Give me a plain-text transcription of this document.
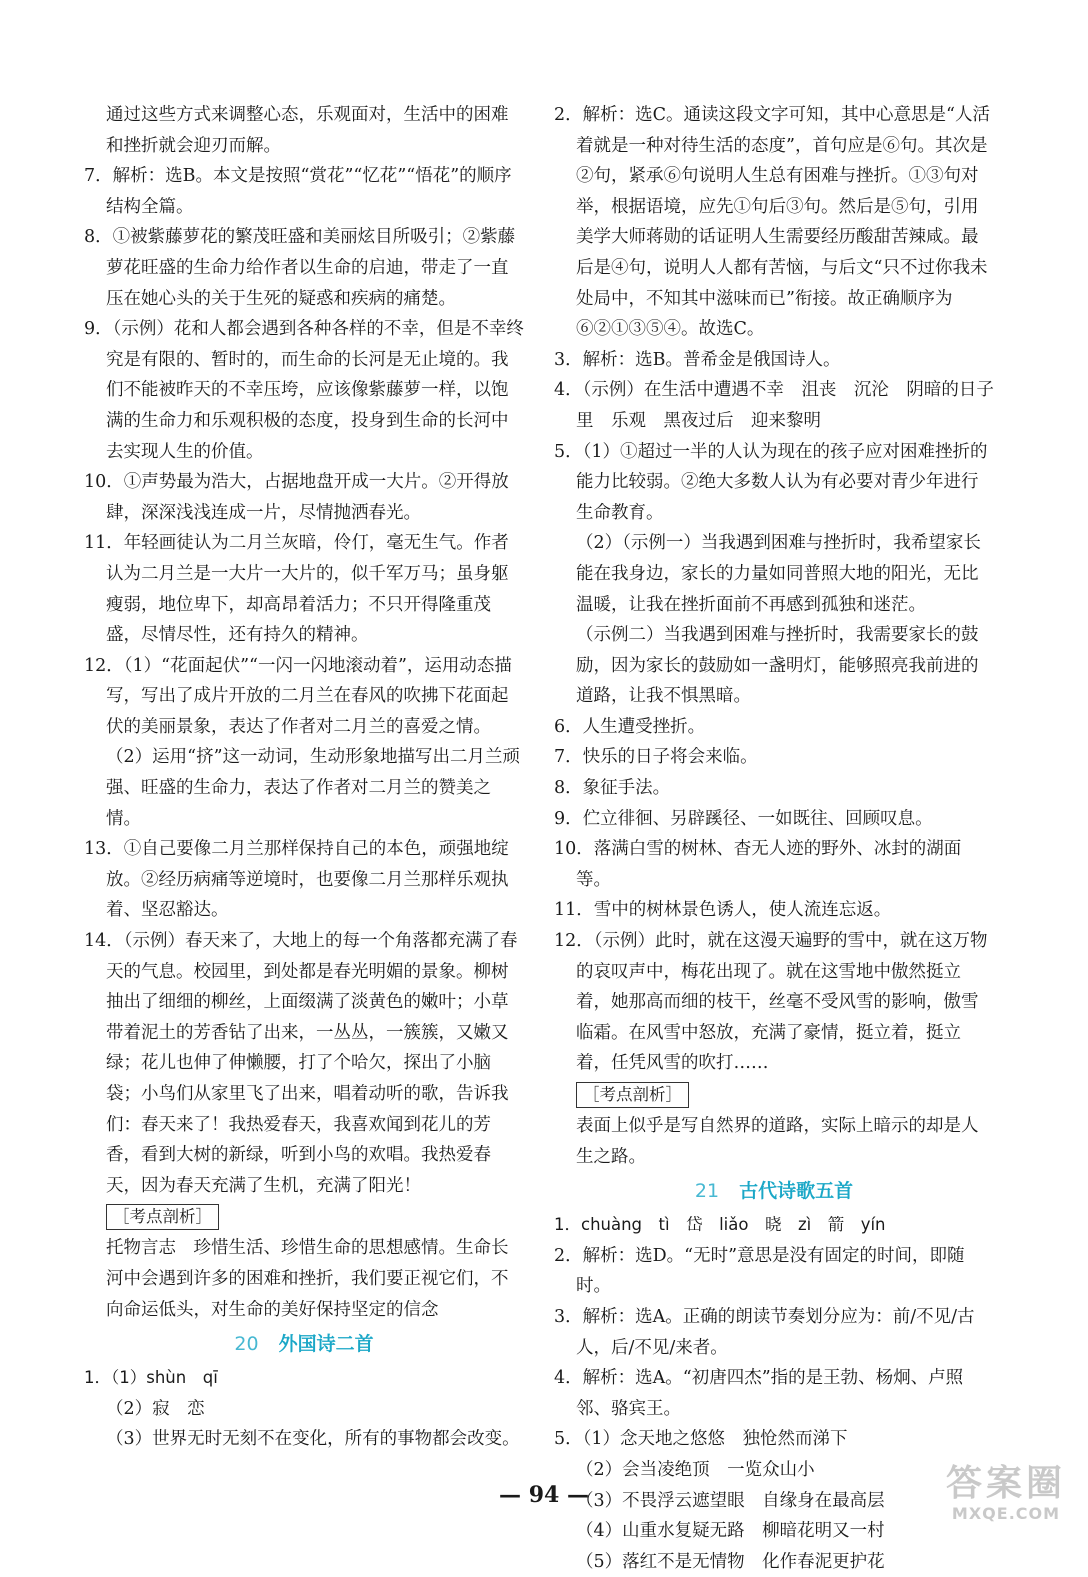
通过这些方式来调整心态，乐观面对，生活中的困难和挫折就会迎刃而解。

7．解析：选B。本文是按照“赏花”“忆花”“悟花”的顺序结构全篇。

8．①被紫藤萝花的繁茂旺盛和美丽炫目所吸引；②紫藤萝花旺盛的生命力给作者以生命的启迪，带走了一直压在她心头的关于生死的疑惑和疾病的痛楚。

9．（示例）花和人都会遇到各种各样的不幸，但是不幸终究是有限的、暂时的，而生命的长河是无止境的。我们不能被昨天的不幸压垮，应该像紫藤萝一样，以饱满的生命力和乐观积极的态度，投身到生命的长河中去实现人生的价值。

10．①声势最为浩大，占据地盘开成一大片。②开得放肆，深深浅浅连成一片，尽情抛洒春光。

11．年轻画徒认为二月兰灰暗，伶仃，毫无生气。作者认为二月兰是一大片一大片的，似千军万马；虽身躯瘦弱，地位卑下，却高昂着活力；不只开得隆重茂盛，尽情尽性，还有持久的精神。

12．（1）“花面起伏”“一闪一闪地滚动着”，运用动态描写，写出了成片开放的二月兰在春风的吹拂下花面起伏的美丽景象，表达了作者对二月兰的喜爱之情。

（2）运用“挤”这一动词，生动形象地描写出二月兰顽强、旺盛的生命力，表达了作者对二月兰的赞美之情。

13．①自己要像二月兰那样保持自己的本色，顽强地绽放。②经历病痛等逆境时，也要像二月兰那样乐观执着、坚忍豁达。

14．（示例）春天来了，大地上的每一个角落都充满了春天的气息。校园里，到处都是春光明媚的景象。柳树抽出了细细的柳丝，上面缀满了淡黄色的嫩叶；小草带着泥土的芳香钻了出来，一丛丛，一簇簇，又嫩又绿；花儿也伸了伸懒腰，打了个哈欠，探出了小脑袋；小鸟们从家里飞了出来，唱着动听的歌，告诉我们：春天来了！我热爱春天，我喜欢闻到花儿的芳香，看到大树的新绿，听到小鸟的欢唱。我热爱春天，因为春天充满了生机，充满了阳光！

［考点剖析］

托物言志　珍惜生活、珍惜生命的思想感情。生命长河中会遇到许多的困难和挫折，我们要正视它们，不向命运低头，对生命的美好保持坚定的信念

20 外国诗二首

1．（1）shùn　qī

（2）寂　恋

（3）世界无时无刻不在变化，所有的事物都会改变。

2．解析：选C。通读这段文字可知，其中心意思是“人活着就是一种对待生活的态度”，首句应是⑥句。其次是②句，紧承⑥句说明人生总有困难与挫折。①③句对举，根据语境，应先①句后③句。然后是⑤句，引用美学大师蒋勋的话证明人生需要经历酸甜苦辣咸。最后是④句，说明人人都有苦恼，与后文“只不过你我未处局中，不知其中滋味而已”衔接。故正确顺序为⑥②①③⑤④。故选C。

3．解析：选B。普希金是俄国诗人。

4．（示例）在生活中遭遇不幸　沮丧　沉沦　阴暗的日子里　乐观　黑夜过后　迎来黎明

5．（1）①超过一半的人认为现在的孩子应对困难挫折的能力比较弱。②绝大多数人认为有必要对青少年进行生命教育。

（2）（示例一）当我遇到困难与挫折时，我希望家长能在我身边，家长的力量如同普照大地的阳光，无比温暖，让我在挫折面前不再感到孤独和迷茫。

（示例二）当我遇到困难与挫折时，我需要家长的鼓励，因为家长的鼓励如一盏明灯，能够照亮我前进的道路，让我不惧黑暗。

6．人生遭受挫折。

7．快乐的日子将会来临。

8．象征手法。

9．伫立徘徊、另辟蹊径、一如既往、回顾叹息。

10．落满白雪的树林、杳无人迹的野外、冰封的湖面等。

11．雪中的树林景色诱人，使人流连忘返。

12．（示例）此时，就在这漫天遍野的雪中，就在这万物的哀叹声中，梅花出现了。就在这雪地中傲然挺立着，她那高而细的枝干，丝毫不受风雪的影响，傲雪临霜。在风雪中怒放，充满了豪情，挺立着，挺立着，任凭风雪的吹打……

［考点剖析］

表面上似乎是写自然界的道路，实际上暗示的却是人生之路。

21 古代诗歌五首

1．chuàng　tì　岱　liǎo　晓　zì　箭　yín

2．解析：选D。“无时”意思是没有固定的时间，即随时。

3．解析：选A。正确的朗读节奏划分应为：前/不见/古人，后/不见/来者。

4．解析：选A。“初唐四杰”指的是王勃、杨炯、卢照邻、骆宾王。

5．（1）念天地之悠悠　独怆然而涕下

（2）会当凌绝顶　一览众山小

（3）不畏浮云遮望眼　自缘身在最高层

（4）山重水复疑无路　柳暗花明又一村

（5）落红不是无情物　化作春泥更护花

— 94 —	答案圈
MXQE.COM
